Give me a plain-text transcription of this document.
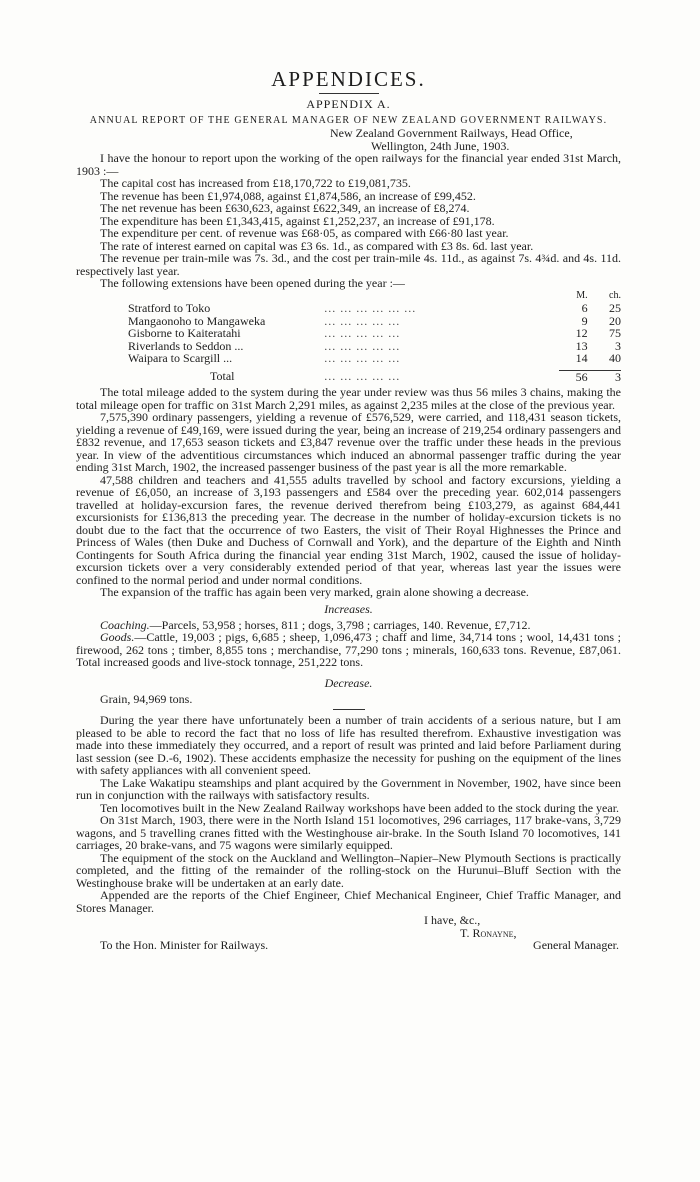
APPENDICES.
APPENDIX A.
ANNUAL REPORT OF THE GENERAL MANAGER OF NEW ZEALAND GOVERNMENT RAILWAYS.
New Zealand Government Railways, Head Office,
Wellington, 24th June, 1903.
I have the honour to report upon the working of the open railways for the financial year ended 31st March, 1903 :—
The capital cost has increased from £18,170,722 to £19,081,735.
The revenue has been £1,974,088, against £1,874,586, an increase of £99,452.
The net revenue has been £630,623, against £622,349, an increase of £8,274.
The expenditure has been £1,343,415, against £1,252,237, an increase of £91,178.
The expenditure per cent. of revenue was £68·05, as compared with £66·80 last year.
The rate of interest earned on capital was £3 6s. 1d., as compared with £3 8s. 6d. last year.
The revenue per train-mile was 7s. 3d., and the cost per train-mile 4s. 11d., as against 7s. 4¾d. and 4s. 11d. respectively last year.
The following extensions have been opened during the year :—
		M.	ch.
Stratford to Toko	... ... ... ... ... ...	6	25
Mangaonoho to Mangaweka	... ... ... ... ...	9	20
Gisborne to Kaiteratahi	... ... ... ... ...	12	75
Riverlands to Seddon ...	... ... ... ... ...	13	3
Waipara to Scargill ...	... ... ... ... ...	14	40

Total	... ... ... ... ...	56	3
The total mileage added to the system during the year under review was thus 56 miles 3 chains, making the total mileage open for traffic on 31st March 2,291 miles, as against 2,235 miles at the close of the previous year.
7,575,390 ordinary passengers, yielding a revenue of £576,529, were carried, and 118,431 season tickets, yielding a revenue of £49,169, were issued during the year, being an increase of 219,254 ordinary passengers and £832 revenue, and 17,653 season tickets and £3,847 revenue over the traffic under these heads in the previous year. In view of the adventitious circumstances which induced an abnormal passenger traffic during the year ending 31st March, 1902, the increased passenger business of the past year is all the more remarkable.
47,588 children and teachers and 41,555 adults travelled by school and factory excursions, yielding a revenue of £6,050, an increase of 3,193 passengers and £584 over the preceding year. 602,014 passengers travelled at holiday-excursion fares, the revenue derived therefrom being £103,279, as against 684,441 excursionists for £136,813 the preceding year. The decrease in the number of holiday-excursion tickets is no doubt due to the fact that the occurrence of two Easters, the visit of Their Royal Highnesses the Prince and Princess of Wales (then Duke and Duchess of Cornwall and York), and the departure of the Eighth and Ninth Contingents for South Africa during the financial year ending 31st March, 1902, caused the issue of holiday-excursion tickets over a very considerably extended period of that year, whereas last year the issues were confined to the normal period and under normal conditions.
The expansion of the traffic has again been very marked, grain alone showing a decrease.
Increases.
Coaching.—Parcels, 53,958 ; horses, 811 ; dogs, 3,798 ; carriages, 140. Revenue, £7,712.
Goods.—Cattle, 19,003 ; pigs, 6,685 ; sheep, 1,096,473 ; chaff and lime, 34,714 tons ; wool, 14,431 tons ; firewood, 262 tons ; timber, 8,855 tons ; merchandise, 77,290 tons ; minerals, 160,633 tons. Revenue, £87,061. Total increased goods and live-stock tonnage, 251,222 tons.
Decrease.
Grain, 94,969 tons.
During the year there have unfortunately been a number of train accidents of a serious nature, but I am pleased to be able to record the fact that no loss of life has resulted therefrom. Exhaustive investigation was made into these immediately they occurred, and a report of result was printed and laid before Parliament during last session (see D.-6, 1902). These accidents emphasize the necessity for pushing on the equipment of the lines with safety appliances with all convenient speed.
The Lake Wakatipu steamships and plant acquired by the Government in November, 1902, have since been run in conjunction with the railways with satisfactory results.
Ten locomotives built in the New Zealand Railway workshops have been added to the stock during the year.
On 31st March, 1903, there were in the North Island 151 locomotives, 296 carriages, 117 brake-vans, 3,729 wagons, and 5 travelling cranes fitted with the Westinghouse air-brake. In the South Island 70 locomotives, 141 carriages, 20 brake-vans, and 75 wagons were similarly equipped.
The equipment of the stock on the Auckland and Wellington–Napier–New Plymouth Sections is practically completed, and the fitting of the remainder of the rolling-stock on the Hurunui–Bluff Section with the Westinghouse brake will be undertaken at an early date.
Appended are the reports of the Chief Engineer, Chief Mechanical Engineer, Chief Traffic Manager, and Stores Manager.
I have, &c.,
T. Ronayne,
To the Hon. Minister for Railways.	General Manager.
